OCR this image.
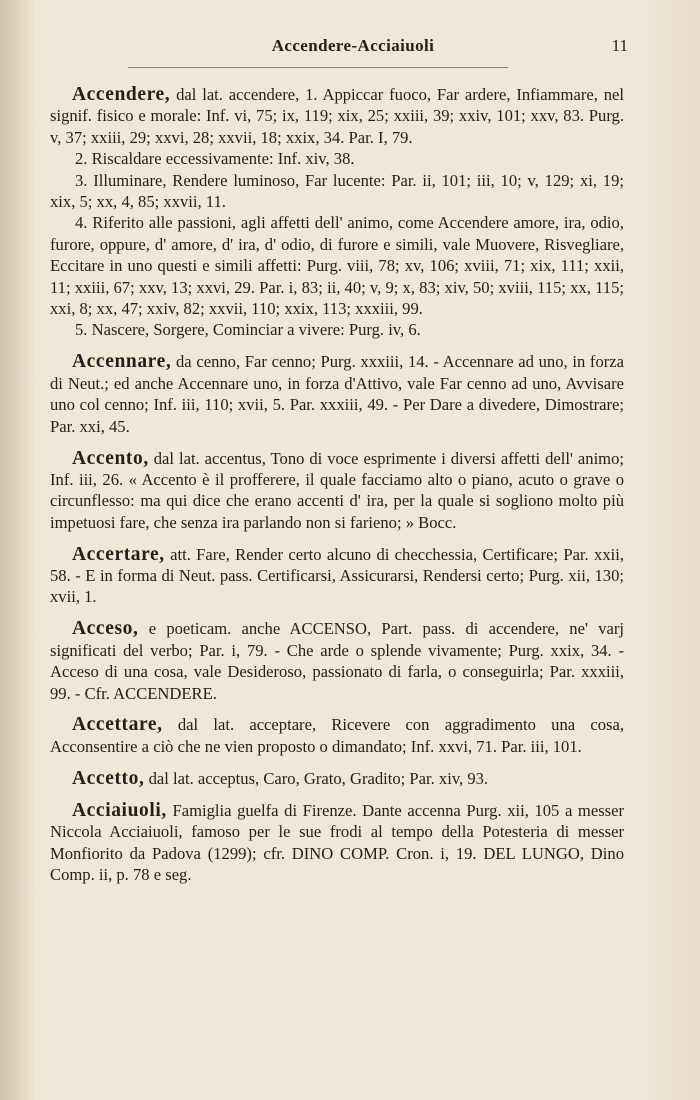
Accendere-Acciaiuoli	11

Accendere, dal lat. accendere, 1. Appiccar fuoco, Far ardere, Infiammare, nel signif. fisico e morale: Inf. vi, 75; ix, 119; xix, 25; xxiii, 39; xxiv, 101; xxv, 83. Purg. v, 37; xxiii, 29; xxvi, 28; xxvii, 18; xxix, 34. Par. I, 79.

2. Riscaldare eccessivamente: Inf. xiv, 38.

3. Illuminare, Rendere luminoso, Far lucente: Par. ii, 101; iii, 10; v, 129; xi, 19; xix, 5; xx, 4, 85; xxvii, 11.

4. Riferito alle passioni, agli affetti dell' animo, come Accendere amore, ira, odio, furore, oppure, d' amore, d' ira, d' odio, di furore e simili, vale Muovere, Risvegliare, Eccitare in uno questi e simili affetti: Purg. viii, 78; xv, 106; xviii, 71; xix, 111; xxii, 11; xxiii, 67; xxv, 13; xxvi, 29. Par. i, 83; ii, 40; v, 9; x, 83; xiv, 50; xviii, 115; xx, 115; xxi, 8; xx, 47; xxiv, 82; xxvii, 110; xxix, 113; xxxiii, 99.

5. Nascere, Sorgere, Cominciar a vivere: Purg. iv, 6.

Accennare, da cenno, Far cenno; Purg. xxxiii, 14. - Accennare ad uno, in forza di Neut.; ed anche Accennare uno, in forza d'Attivo, vale Far cenno ad uno, Avvisare uno col cenno; Inf. iii, 110; xvii, 5. Par. xxxiii, 49. - Per Dare a divedere, Dimostrare; Par. xxi, 45.

Accento, dal lat. accentus, Tono di voce esprimente i diversi affetti dell' animo; Inf. iii, 26. « Accento è il profferere, il quale facciamo alto o piano, acuto o grave o circunflesso: ma qui dice che erano accenti d' ira, per la quale si sogliono molto più impetuosi fare, che senza ira parlando non si farieno; » Bocc.

Accertare, att. Fare, Render certo alcuno di checchessia, Certificare; Par. xxii, 58. - E in forma di Neut. pass. Certificarsi, Assicurarsi, Rendersi certo; Purg. xii, 130; xvii, 1.

Acceso, e poeticam. anche ACCENSO, Part. pass. di accendere, ne' varj significati del verbo; Par. i, 79. - Che arde o splende vivamente; Purg. xxix, 34. - Acceso di una cosa, vale Desideroso, passionato di farla, o conseguirla; Par. xxxiii, 99. - Cfr. ACCENDERE.

Accettare, dal lat. acceptare, Ricevere con aggradimento una cosa, Acconsentire a ciò che ne vien proposto o dimandato; Inf. xxvi, 71. Par. iii, 101.

Accetto, dal lat. acceptus, Caro, Grato, Gradito; Par. xiv, 93.

Acciaiuoli, Famiglia guelfa di Firenze. Dante accenna Purg. xii, 105 a messer Niccola Acciaiuoli, famoso per le sue frodi al tempo della Potesteria di messer Monfiorito da Padova (1299); cfr. DINO COMP. Cron. i, 19. DEL LUNGO, Dino Comp. ii, p. 78 e seg.
